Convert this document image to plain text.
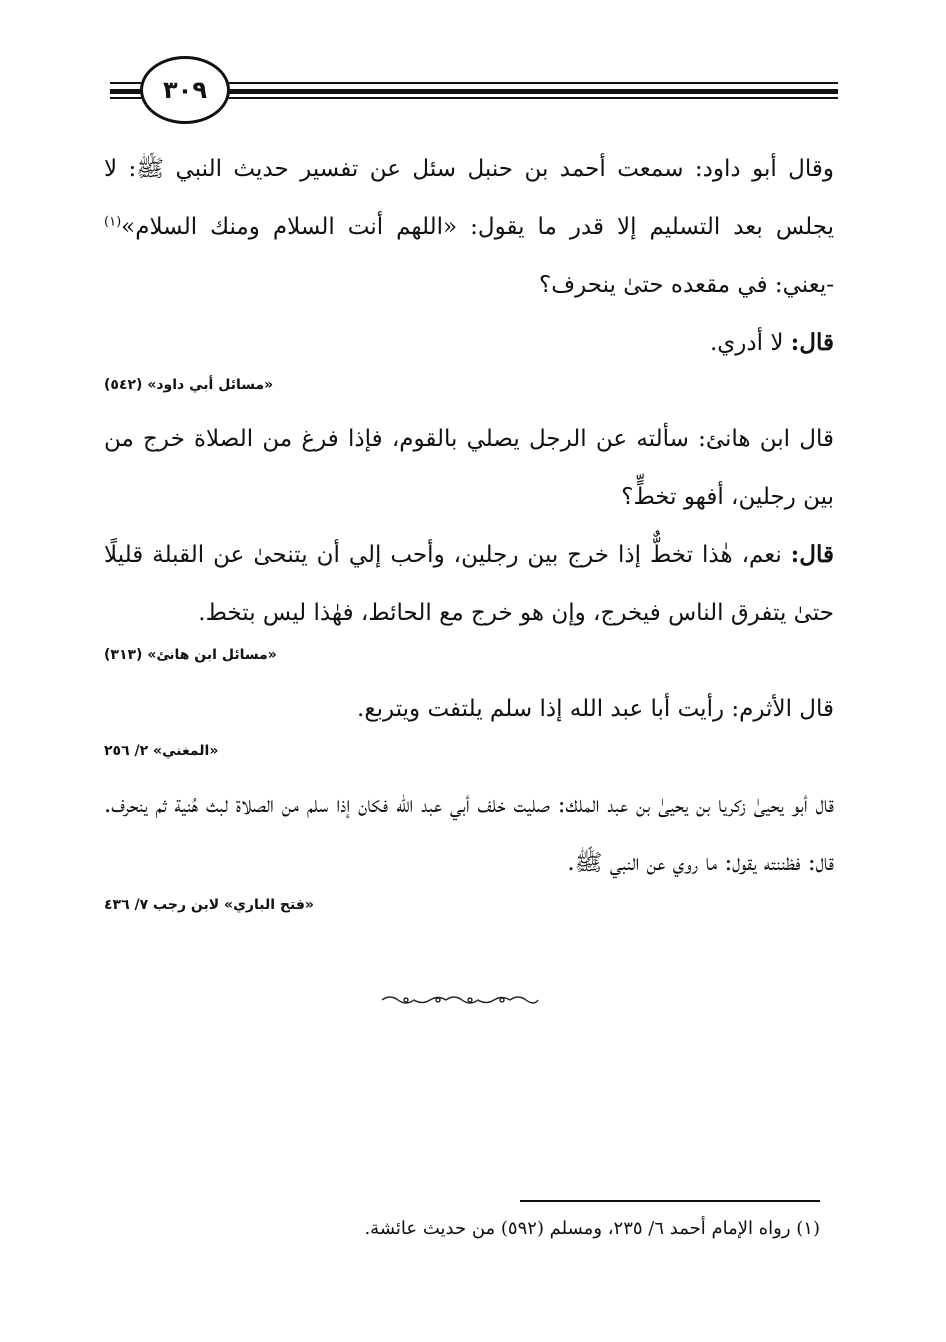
٣٠٩

وقال أبو داود: سمعت أحمد بن حنبل سئل عن تفسير حديث النبي ﷺ: لا يجلس بعد التسليم إلا قدر ما يقول: «اللهم أنت السلام ومنك السلام»$^{(١)}$ -يعني: في مقعده حتىٰ ينحرف؟

قال: لا أدري.

«مسائل أبي داود» (٥٤٢)

قال ابن هانئ: سألته عن الرجل يصلي بالقوم، فإذا فرغ من الصلاة خرج من بين رجلين، أفهو تخطٍّ؟

قال: نعم، هٰذا تخطٌّ إذا خرج بين رجلين، وأحب إلي أن يتنحىٰ عن القبلة قليلًا حتىٰ يتفرق الناس فيخرج، وإن هو خرج مع الحائط، فهٰذا ليس بتخط.

«مسائل ابن هانئ» (٣١٣)

قال الأثرم: رأيت أبا عبد الله إذا سلم يلتفت ويتربع.

«المغني» ٢/ ٢٥٦

قال أبو يحيىٰ زكريا بن يحيىٰ بن عبد الملك: صليت خلف أبي عبد الله فكان إذا سلم من الصلاة لبث هُنية ثم ينحرف. قال: فظننته يقول: ما روي عن النبي ﷺ.

«فتح الباري» لابن رجب ٧/ ٤٣٦
(١) رواه الإمام أحمد ٦/ ٢٣٥، ومسلم (٥٩٢) من حديث عائشة.
